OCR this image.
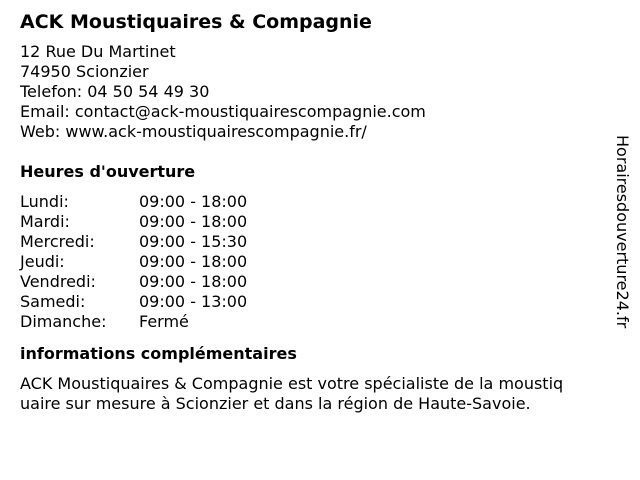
ACK Moustiquaires & Compagnie
12 Rue Du Martinet
74950 Scionzier
Telefon: 04 50 54 49 30
Email: contact@ack-moustiquairescompagnie.com
Web: www.ack-moustiquairescompagnie.fr/
Heures d'ouverture
Lundi:	09:00 - 18:00
Mardi:	09:00 - 18:00
Mercredi:	09:00 - 15:30
Jeudi:	09:00 - 18:00
Vendredi:	09:00 - 18:00
Samedi:	09:00 - 13:00
Dimanche:	Fermé
informations complémentaires
ACK Moustiquaires & Compagnie est votre spécialiste de la moustiquaire sur mesure à Scionzier et dans la région de Haute-Savoie.
Horairesdouverture24.fr
